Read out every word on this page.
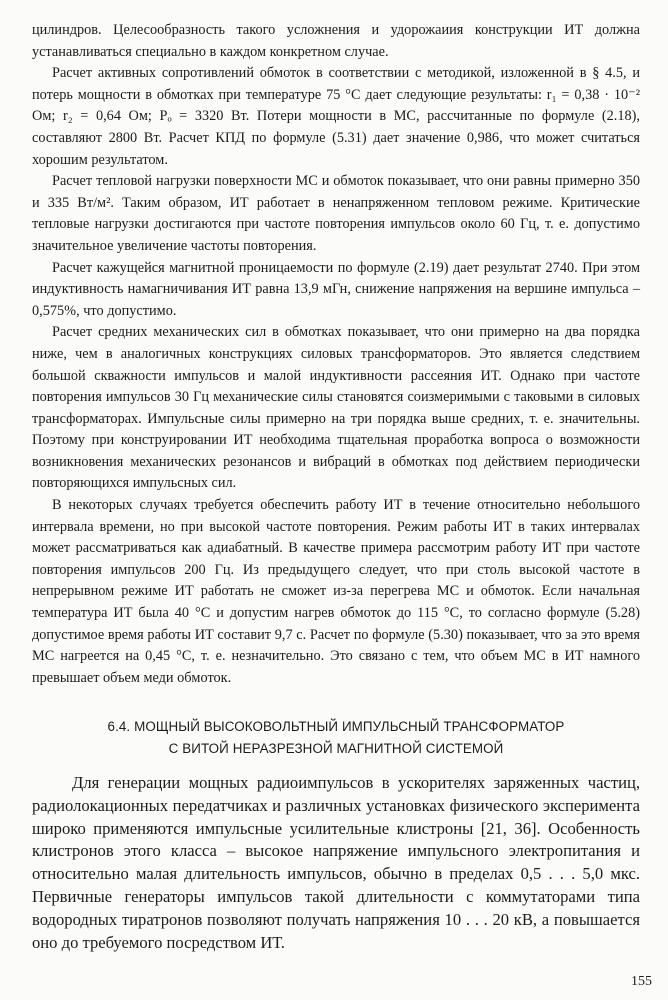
цилиндров. Целесообразность такого усложнения и удорожаиия конструкции ИТ должна устанавливаться специально в каждом конкретном случае.

Расчет активных сопротивлений обмоток в соответствии с методикой, изложенной в § 4.5, и потерь мощности в обмотках при температуре 75 °С дает следующие результаты: r₁ = 0,38 · 10⁻² Ом; r₂ = 0,64 Ом; Pₒ = 3320 Вт. Потери мощности в МС, рассчитанные по формуле (2.18), составляют 2800 Вт. Расчет КПД по формуле (5.31) дает значение 0,986, что может считаться хорошим результатом.

Расчет тепловой нагрузки поверхности МС и обмоток показывает, что они равны примерно 350 и 335 Вт/м². Таким образом, ИТ работает в ненапряженном тепловом режиме. Критические тепловые нагрузки достигаются при частоте повторения импульсов около 60 Гц, т. е. допустимо значительное увеличение частоты повторения.

Расчет кажущейся магнитной проницаемости по формуле (2.19) дает результат 2740. При этом индуктивность намагничивания ИТ равна 13,9 мГн, снижение напряжения на вершине импульса – 0,575%, что допустимо.

Расчет средних механических сил в обмотках показывает, что они примерно на два порядка ниже, чем в аналогичных конструкциях силовых трансформаторов. Это является следствием большой скважности импульсов и малой индуктивности рассеяния ИТ. Однако при частоте повторения импульсов 30 Гц механические силы становятся соизмеримыми с таковыми в силовых трансформаторах. Импульсные силы примерно на три порядка выше средних, т. е. значительны. Поэтому при конструировании ИТ необходима тщательная проработка вопроса о возможности возникновения механических резонансов и вибраций в обмотках под действием периодически повторяющихся импульсных сил.

В некоторых случаях требуется обеспечить работу ИТ в течение относительно небольшого интервала времени, но при высокой частоте повторения. Режим работы ИТ в таких интервалах может рассматриваться как адиабатный. В качестве примера рассмотрим работу ИТ при частоте повторения импульсов 200 Гц. Из предыдущего следует, что при столь высокой частоте в непрерывном режиме ИТ работать не сможет из-за перегрева МС и обмоток. Если начальная температура ИТ была 40 °С и допустим нагрев обмоток до 115 °С, то согласно формуле (5.28) допустимое время работы ИТ составит 9,7 с. Расчет по формуле (5.30) показывает, что за это время МС нагреется на 0,45 °С, т. е. незначительно. Это связано с тем, что объем МС в ИТ намного превышает объем меди обмоток.

6.4. МОЩНЫЙ ВЫСОКОВОЛЬТНЫЙ ИМПУЛЬСНЫЙ ТРАНСФОРМАТОР
С ВИТОЙ НЕРАЗРЕЗНОЙ МАГНИТНОЙ СИСТЕМОЙ

Для генерации мощных радиоимпульсов в ускорителях заряженных частиц, радиолокационных передатчиках и различных установках физического эксперимента широко применяются импульсные усилительные клистроны [21, 36]. Особенность клистронов этого класса – высокое напряжение импульсного электропитания и относительно малая длительность импульсов, обычно в пределах 0,5 . . . 5,0 мкс. Первичные генераторы импульсов такой длительности с коммутаторами типа водородных тиратронов позволяют получать напряжения 10 . . . 20 кВ, а повышается оно до требуемого посредством ИТ.

155
